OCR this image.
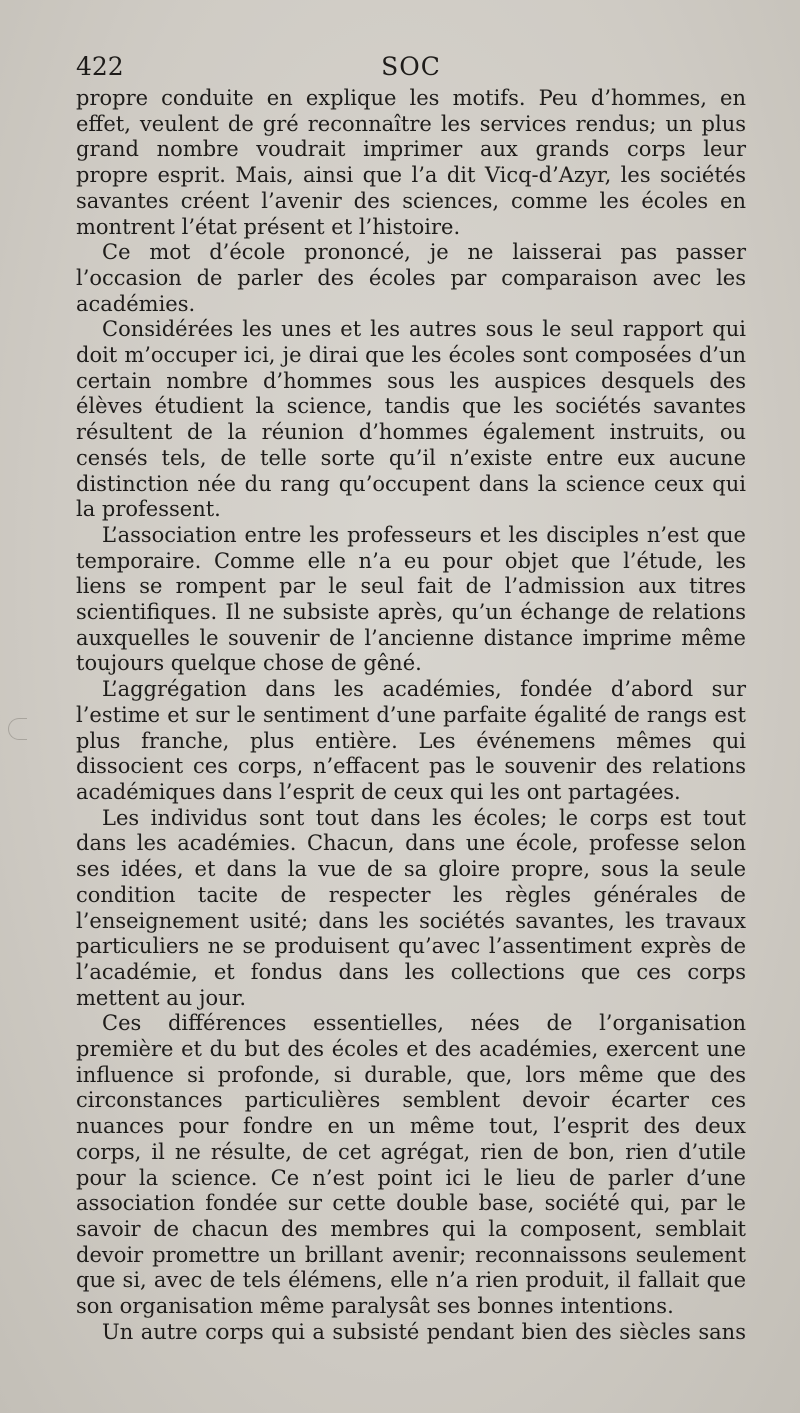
422	SOC

propre conduite en explique les motifs. Peu d’hommes, en effet, veulent de gré reconnaître les services rendus; un plus grand nombre voudrait imprimer aux grands corps leur propre esprit. Mais, ainsi que l’a dit Vicq-d’Azyr, les sociétés savantes créent l’avenir des sciences, comme les écoles en montrent l’état présent et l’histoire.

Ce mot d’école prononcé, je ne laisserai pas passer l’occasion de parler des écoles par comparaison avec les académies.

Considérées les unes et les autres sous le seul rapport qui doit m’occuper ici, je dirai que les écoles sont composées d’un certain nombre d’hommes sous les auspices desquels des élèves étudient la science, tandis que les sociétés savantes résultent de la réunion d’hommes également instruits, ou censés tels, de telle sorte qu’il n’existe entre eux aucune distinction née du rang qu’occupent dans la science ceux qui la professent.

L’association entre les professeurs et les disciples n’est que temporaire. Comme elle n’a eu pour objet que l’étude, les liens se rompent par le seul fait de l’admission aux titres scientifiques. Il ne subsiste après, qu’un échange de relations auxquelles le souvenir de l’ancienne distance imprime même toujours quelque chose de gêné.

L’aggrégation dans les académies, fondée d’abord sur l’estime et sur le sentiment d’une parfaite égalité de rangs est plus franche, plus entière. Les événemens mêmes qui dissocient ces corps, n’effacent pas le souvenir des relations académiques dans l’esprit de ceux qui les ont partagées.

Les individus sont tout dans les écoles; le corps est tout dans les académies. Chacun, dans une école, professe selon ses idées, et dans la vue de sa gloire propre, sous la seule condition tacite de respecter les règles générales de l’enseignement usité; dans les sociétés savantes, les travaux particuliers ne se produisent qu’avec l’assentiment exprès de l’académie, et fondus dans les collections que ces corps mettent au jour.

Ces différences essentielles, nées de l’organisation première et du but des écoles et des académies, exercent une influence si profonde, si durable, que, lors même que des circonstances particulières semblent devoir écarter ces nuances pour fondre en un même tout, l’esprit des deux corps, il ne résulte, de cet agrégat, rien de bon, rien d’utile pour la science. Ce n’est point ici le lieu de parler d’une association fondée sur cette double base, société qui, par le savoir de chacun des membres qui la composent, semblait devoir promettre un brillant avenir; reconnaissons seulement que si, avec de tels élémens, elle n’a rien produit, il fallait que son organisation même paralysât ses bonnes intentions.

Un autre corps qui a subsisté pendant bien des siècles sans
